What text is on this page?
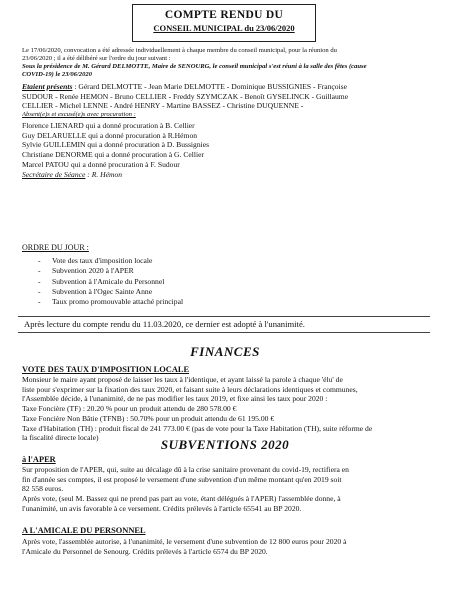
COMPTE RENDU DU
CONSEIL MUNICIPAL du 23/06/2020
Le 17/06/2020, convocation a été adressée individuellement à chaque membre du conseil municipal, pour la réunion du
23/06/2020 ; il a été délibéré sur l'ordre du jour suivant :
Sous la présidence de M. Gérard DELMOTTE, Maire de SENOURG, le conseil municipal s'est réuni à la salle des fêtes (cause
COVID-19) le 23/06/2020
Etaient présents : Gérard DELMOTTE - Jean Marie DELMOTTE - Dominique BUSSIGNIES - Françoise
SUDOUR - Renée HEMON - Bruno CELLIER - Freddy SZYMCZAK - Benoît GYSELINCK - Guillaume
CELLIER - Michel LENNE - André HENRY - Martine BASSEZ - Christine DUQUENNE -
Absent(e)s et excusé(e)s avec procuration :
Florence LIENARD qui a donné procuration à B. Cellier
Guy DELARUELLE qui a donné procuration à R.Hémon
Sylvie GUILLEMIN qui a donné procuration à D. Bussignies
Christiane DENORME qui a donné procuration à G. Cellier
Marcel PATOU qui a donné procuration à F. Sudour
Secrétaire de Séance : R. Hémon
ORDRE DU JOUR :
- Vote des taux d'imposition locale
- Subvention 2020 à l'APER
- Subvention à l'Amicale du Personnel
- Subvention à l'Ogec Sainte Anne
- Taux promo promouvable attaché principal
Après lecture du compte rendu du 11.03.2020, ce dernier est adopté à l'unanimité.
FINANCES
VOTE DES TAUX D'IMPOSITION LOCALE
Monsieur le maire ayant proposé de laisser les taux à l'identique, et ayant laissé la parole à chaque 'élu' de
liste pour s'exprimer sur la fixation des taux 2020, et faisant suite à leurs déclarations identiques et communes,
l'Assemblée décide, à l'unanimité, de ne pas modifier les taux 2019, et fixe ainsi les taux pour 2020 :
Taxe Foncière (TF) : 20.20 % pour un produit attendu de 280 578.00 €
Taxe Foncière Non Bâtie (TFNB) : 50.70% pour un produit attendu de 61 195.00 €
Taxe d'Habitation (TH) : produit fiscal de 241 773.00 € (pas de vote pour la Taxe Habitation (TH), suite réforme de
la fiscalité directe locale)	SUBVENTIONS 2020
à l'APER
Sur proposition de l'APER, qui, suite au décalage dû à la crise sanitaire provenant du covid-19, rectifiera en
fin d'année ses comptes, il est proposé le versement d'une subvention d'un même montant qu'en 2019 soit
82 558 euros.
Après vote, (seul M. Bassez qui ne prend pas part au vote, étant délégués à l'APER) l'assemblée donne, à
l'unanimité, un avis favorable à ce versement. Crédits prélevés à l'article 65541 au BP 2020.
A L'AMICALE DU PERSONNEL
Après vote, l'assemblée autorise, à l'unanimité, le versement d'une subvention de 12 800 euros pour 2020 à
l'Amicale du Personnel de Senourg. Crédits prélevés à l'article 6574 du BP 2020.
